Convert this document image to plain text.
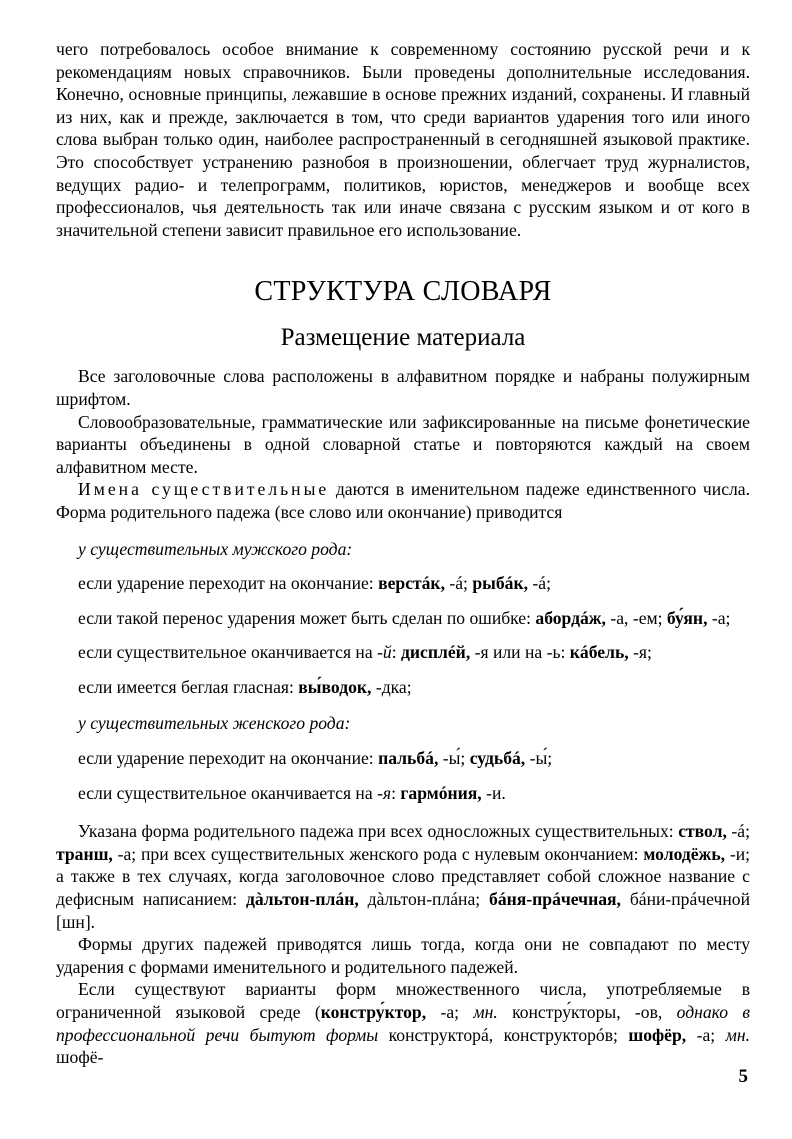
чего потребовалось особое внимание к современному состоянию русской речи и к рекомендациям новых справочников. Были проведены дополнительные исследования. Конечно, основные принципы, лежавшие в основе прежних изданий, сохранены. И главный из них, как и прежде, заключается в том, что среди вариантов ударения того или иного слова выбран только один, наиболее распространенный в сегодняшней языковой практике. Это способствует устранению разнобоя в произношении, облегчает труд журналистов, ведущих радио- и телепрограмм, политиков, юристов, менеджеров и вообще всех профессионалов, чья деятельность так или иначе связана с русским языком и от кого в значительной степени зависит правильное его использование.

СТРУКТУРА СЛОВАРЯ
Размещение материала

Все заголовочные слова расположены в алфавитном порядке и набраны полужирным шрифтом.

Словообразовательные, грамматические или зафиксированные на письме фонетические варианты объединены в одной словарной статье и повторяются каждый на своем алфавитном месте.

Имена существительные даются в именительном падеже единственного числа. Форма родительного падежа (все слово или окончание) приводится

у существительных мужского рода:

если ударение переходит на окончание: верстáк, -á; рыбáк, -á;

если такой перенос ударения может быть сделан по ошибке: абордáж, -а, -ем; бу́ян, -а;

если существительное оканчивается на -й: дисплéй, -я или на -ь: кáбель, -я;

если имеется беглая гласная: вы́водок, -дка;

у существительных женского рода:

если ударение переходит на окончание: пальбá, -ы́; судьбá, -ы́;

если существительное оканчивается на -я: гармóния, -и.

Указана форма родительного падежа при всех односложных существительных: ствол, -á; транш, -а; при всех существительных женского рода с нулевым окончанием: молодёжь, -и; а также в тех случаях, когда заголовочное слово представляет собой сложное название с дефисным написанием: дàльтон-плáн, дàльтон-плáна; бáня-прáчечная, бáни-прáчечной [шн].

Формы других падежей приводятся лишь тогда, когда они не совпадают по месту ударения с формами именительного и родительного падежей.

Если существуют варианты форм множественного числа, употребляемые в ограниченной языковой среде (констру́ктор, -а; мн. констру́кторы, -ов, однако в профессиональной речи бытуют формы конструкторá, конструкторóв; шофёр, -а; мн. шофё-

5
